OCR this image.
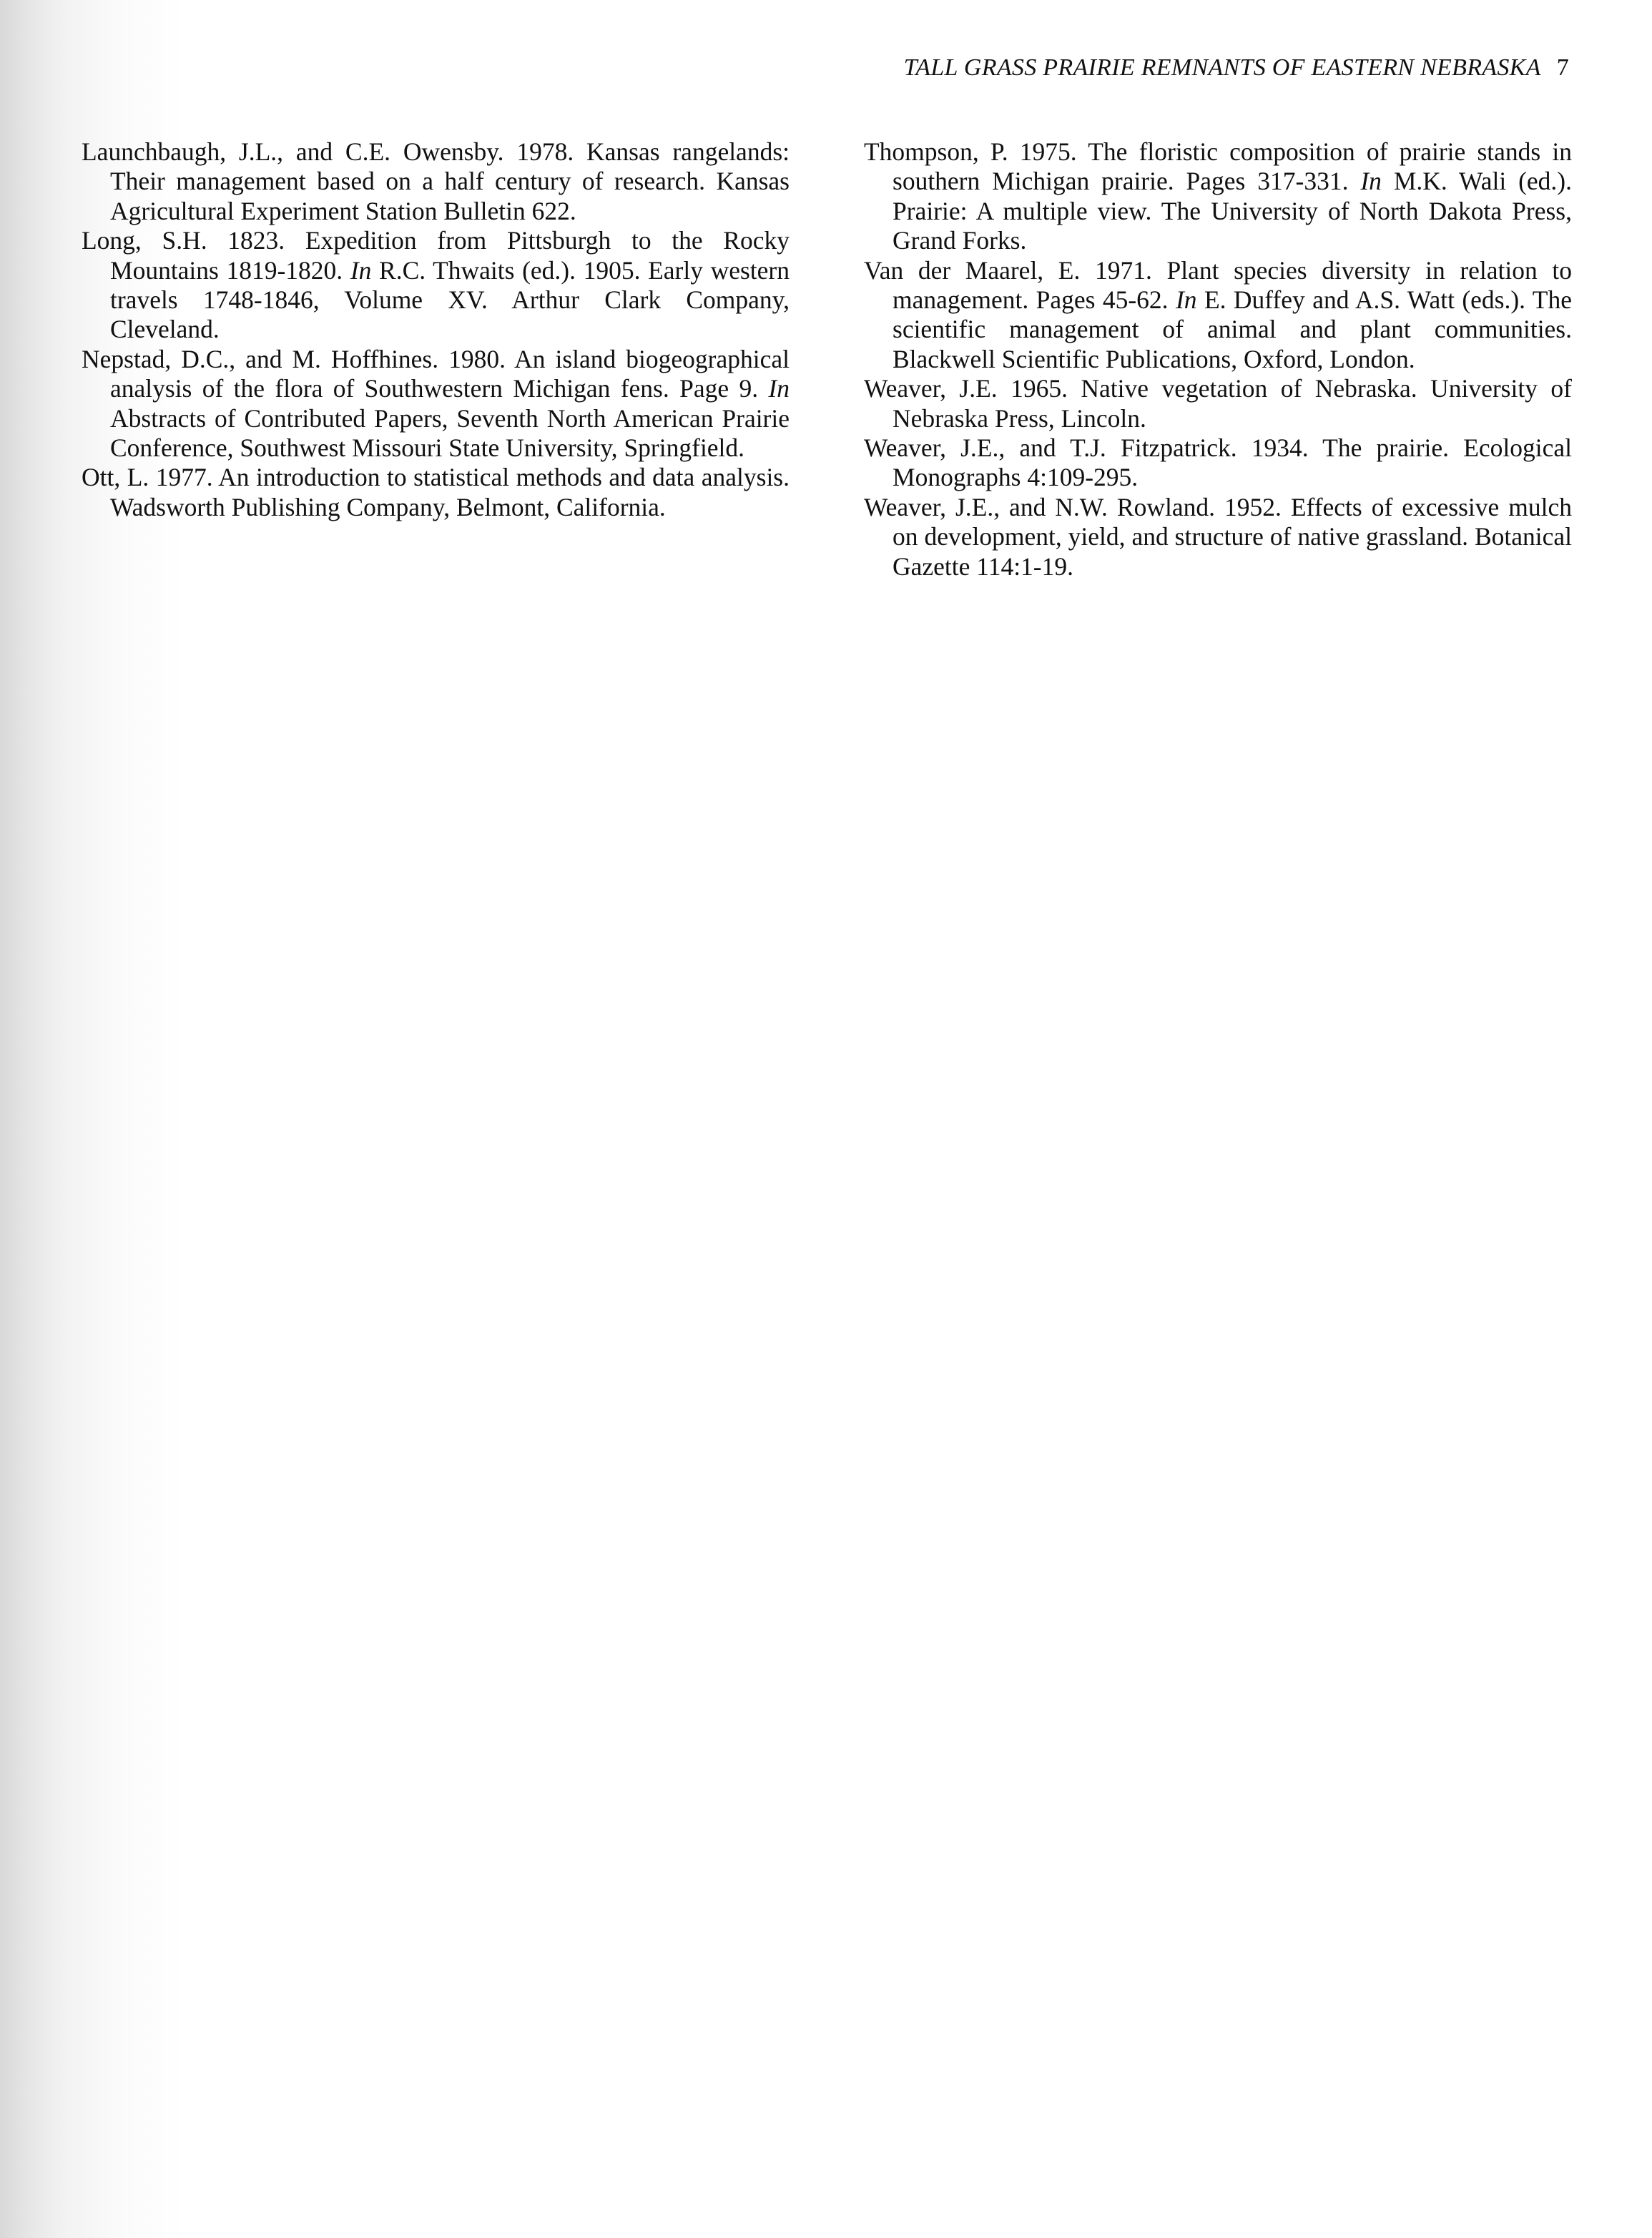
TALL GRASS PRAIRIE REMNANTS OF EASTERN NEBRASKA 7

Launchbaugh, J.L., and C.E. Owensby. 1978. Kansas rangelands: Their management based on a half century of research. Kansas Agricultural Experiment Station Bulletin 622.

Long, S.H. 1823. Expedition from Pittsburgh to the Rocky Mountains 1819-1820. In R.C. Thwaits (ed.). 1905. Early western travels 1748-1846, Volume XV. Arthur Clark Company, Cleveland.

Nepstad, D.C., and M. Hoffhines. 1980. An island biogeographical analysis of the flora of Southwestern Michigan fens. Page 9. In Abstracts of Contributed Papers, Seventh North American Prairie Conference, Southwest Missouri State University, Springfield.

Ott, L. 1977. An introduction to statistical methods and data analysis. Wadsworth Publishing Company, Belmont, California.

Thompson, P. 1975. The floristic composition of prairie stands in southern Michigan prairie. Pages 317-331. In M.K. Wali (ed.). Prairie: A multiple view. The University of North Dakota Press, Grand Forks.

Van der Maarel, E. 1971. Plant species diversity in relation to management. Pages 45-62. In E. Duffey and A.S. Watt (eds.). The scientific management of animal and plant communities. Blackwell Scientific Publications, Oxford, London.

Weaver, J.E. 1965. Native vegetation of Nebraska. University of Nebraska Press, Lincoln.

Weaver, J.E., and T.J. Fitzpatrick. 1934. The prairie. Ecological Monographs 4:109-295.

Weaver, J.E., and N.W. Rowland. 1952. Effects of excessive mulch on development, yield, and structure of native grassland. Botanical Gazette 114:1-19.
